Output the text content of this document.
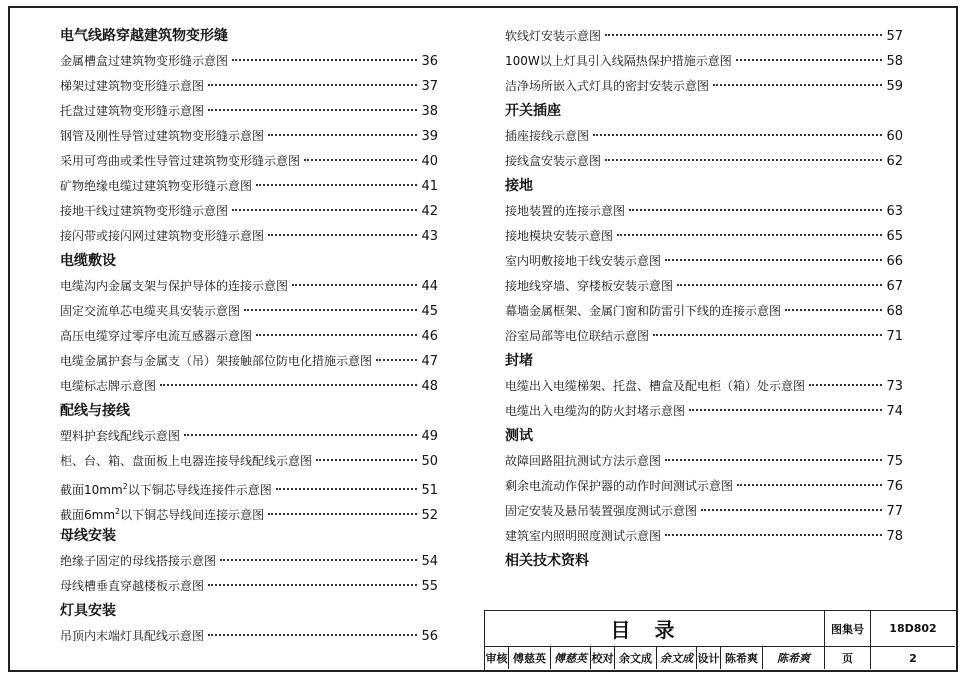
电气线路穿越建筑物变形缝
金属槽盒过建筑物变形缝示意图	36
梯架过建筑物变形缝示意图	37
托盘过建筑物变形缝示意图	38
钢管及刚性导管过建筑物变形缝示意图	39
采用可弯曲或柔性导管过建筑物变形缝示意图	40
矿物绝缘电缆过建筑物变形缝示意图	41
接地干线过建筑物变形缝示意图	42
接闪带或接闪网过建筑物变形缝示意图	43
电缆敷设
电缆沟内金属支架与保护导体的连接示意图	44
固定交流单芯电缆夹具安装示意图	45
高压电缆穿过零序电流互感器示意图	46
电缆金属护套与金属支（吊）架接触部位防电化措施示意图	47
电缆标志牌示意图	48
配线与接线
塑料护套线配线示意图	49
柜、台、箱、盘面板上电器连接导线配线示意图	50
截面$10mm^2$以下铜芯导线连接件示意图	51
截面$6mm^2$以下铜芯导线间连接示意图	52
母线安装
绝缘子固定的母线搭接示意图	54
母线槽垂直穿越楼板示意图	55
灯具安装
吊顶内末端灯具配线示意图	56
软线灯安装示意图	57
100W以上灯具引入线隔热保护措施示意图	58
洁净场所嵌入式灯具的密封安装示意图	59
开关插座
插座接线示意图	60
接线盒安装示意图	62
接地
接地装置的连接示意图	63
接地模块安装示意图	65
室内明敷接地干线安装示意图	66
接地线穿墙、穿楼板安装示意图	67
幕墙金属框架、金属门窗和防雷引下线的连接示意图	68
浴室局部等电位联结示意图	71
封堵
电缆出入电缆梯架、托盘、槽盒及配电柜（箱）处示意图	73
电缆出入电缆沟的防火封堵示意图	74
测试
故障回路阻抗测试方法示意图	75
剩余电流动作保护器的动作时间测试示意图	76
固定安装及悬吊装置强度测试示意图	77
建筑室内照明照度测试示意图	78
相关技术资料
目录	图集号	18D802
审核 傅慈英 傅慈英 校对 余文成 余文成 设计 陈希爽	陈希爽	页	2
